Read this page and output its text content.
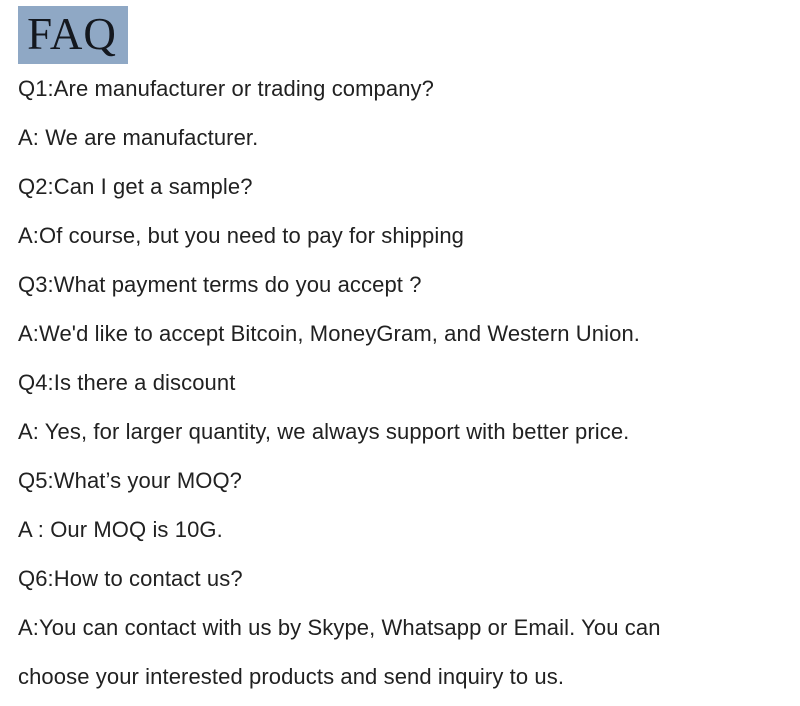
FAQ

Q1:Are manufacturer or trading company?

A: We are manufacturer.

Q2:Can I get a sample?

A:Of course, but you need to pay for shipping

Q3:What payment terms do you accept ?

A:We'd like to accept Bitcoin, MoneyGram, and Western Union.

Q4:Is there a discount

A: Yes, for larger quantity, we always support with better price.

Q5:What’s your MOQ?

A : Our MOQ is 10G.

Q6:How to contact us?

A:You can contact with us by Skype, Whatsapp or Email. You can

choose your interested products and send inquiry to us.
